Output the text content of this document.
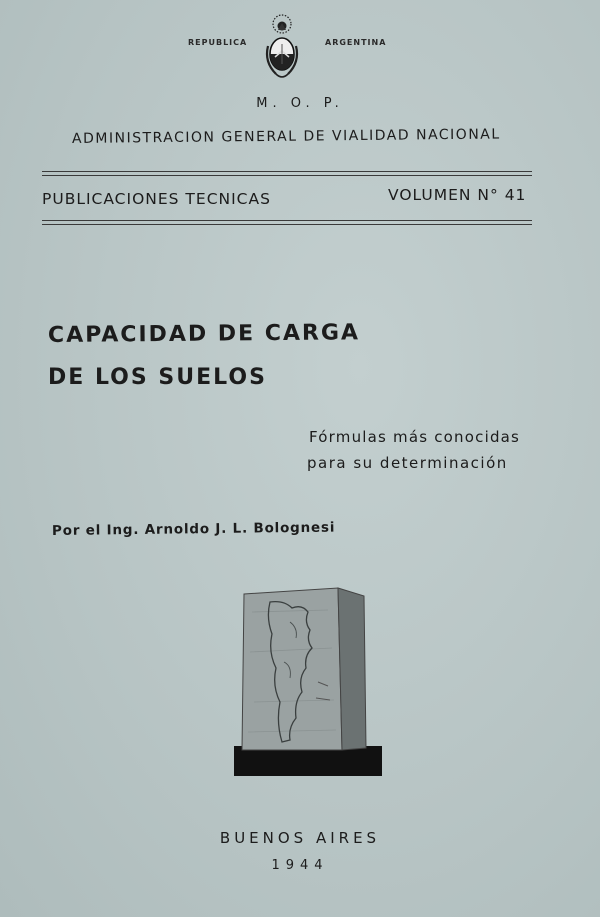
REPUBLICA	ARGENTINA
M. O. P.
ADMINISTRACION GENERAL DE VIALIDAD NACIONAL
PUBLICACIONES TECNICAS	VOLUMEN N° 41
CAPACIDAD DE CARGA
DE LOS SUELOS
Fórmulas más conocidas
para su determinación
Por el Ing. Arnoldo J. L. Bolognesi
BUENOS AIRES
1944
